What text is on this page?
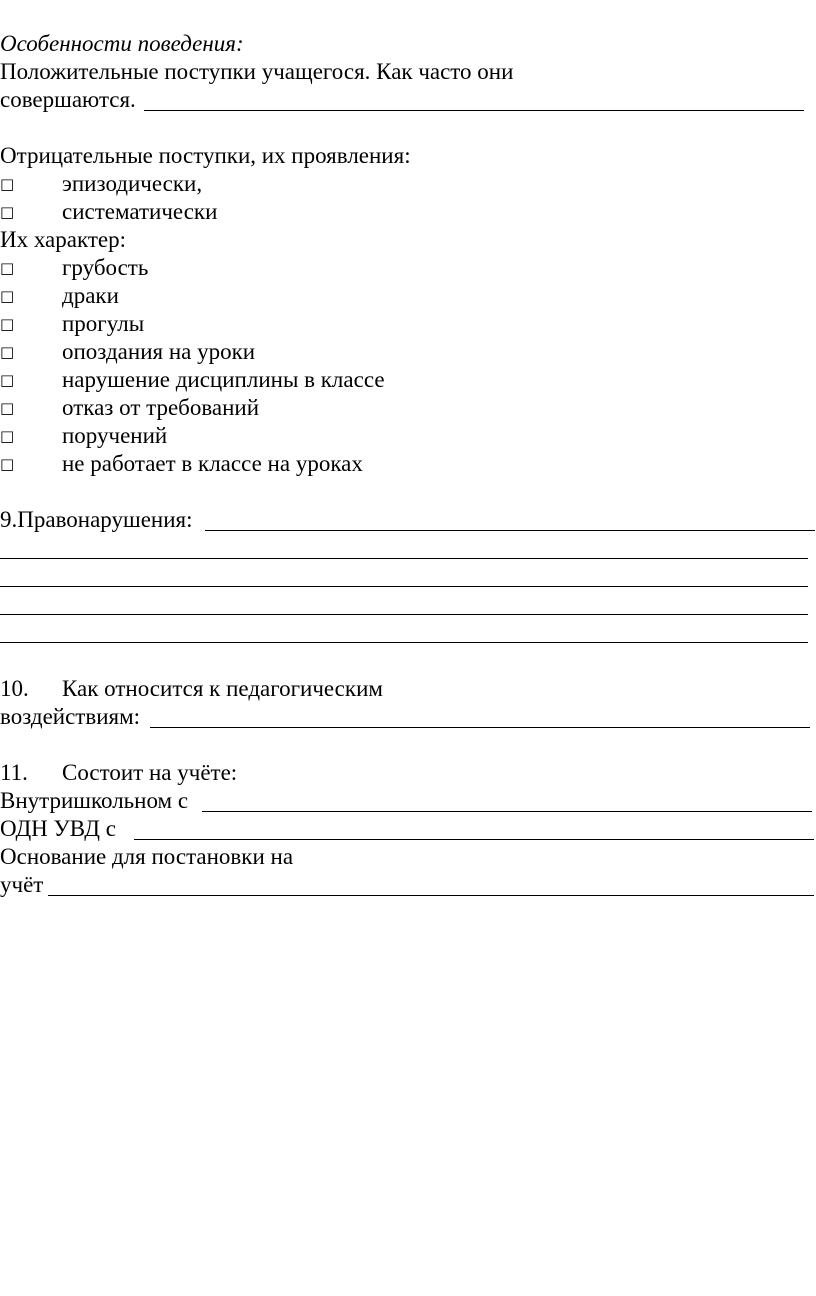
Особенности поведения:
Положительные поступки учащегося. Как часто они
совершаются.
Отрицательные поступки, их проявления:
□ эпизодически,
□ систематически
Их характер:
□ грубость
□ драки
□ прогулы
□ опоздания на уроки
□ нарушение дисциплины в классе
□ отказ от требований
□ поручений
□ не работает в классе на уроках
9.Правонарушения:
10. Как относится к педагогическим
воздействиям:
11. Состоит на учёте:
Внутришкольном с
ОДН УВД с
Основание для постановки на
учёт
